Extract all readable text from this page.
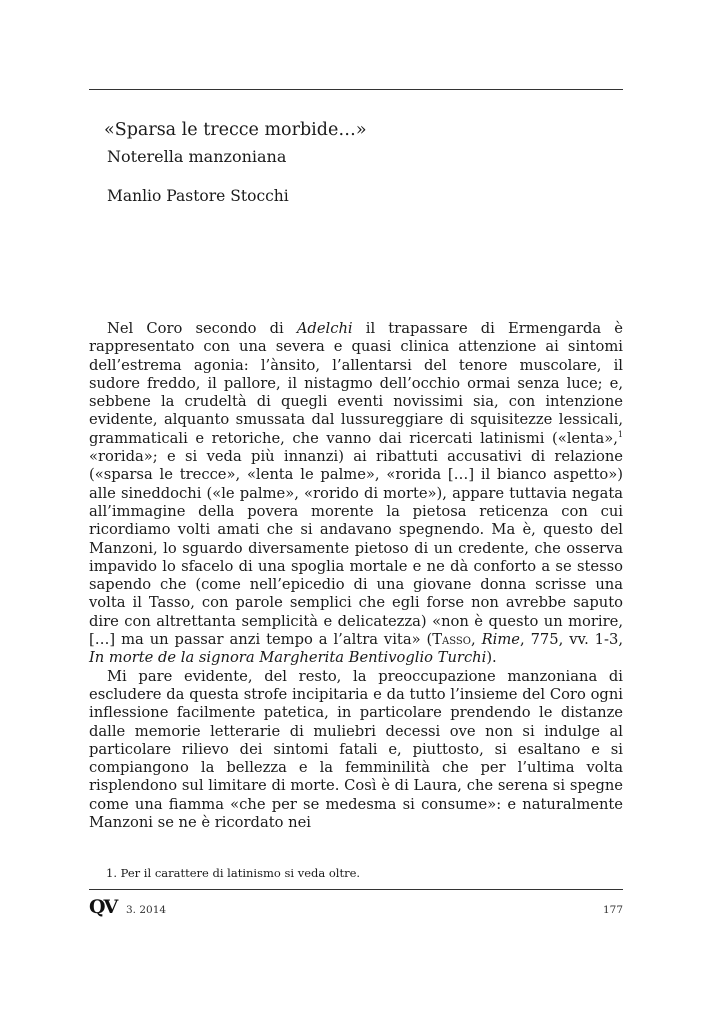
«Sparsa le trecce morbide…»
Noterella manzoniana
Manlio Pastore Stocchi

Nel Coro secondo di Adelchi il trapassare di Ermengarda è rappresentato con una severa e quasi clinica attenzione ai sintomi dell’estrema agonia: l’ànsito, l’allentarsi del tenore muscolare, il sudore freddo, il pallore, il nistagmo dell’occhio ormai senza luce; e, sebbene la crudeltà di quegli eventi novissimi sia, con intenzione evidente, alquanto smussata dal lussureggiare di squisitezze lessicali, grammaticali e retoriche, che vanno dai ricercati latinismi («lenta»,$^1$ «rorida»; e si veda più innanzi) ai ribattuti accusativi di relazione («sparsa le trecce», «lenta le palme», «rorida […] il bianco aspetto») alle sineddochi («le palme», «rorido di morte»), appare tuttavia negata all’immagine della povera morente la pietosa reticenza con cui ricordiamo volti amati che si andavano spegnendo. Ma è, questo del Manzoni, lo sguardo diversamente pietoso di un credente, che osserva impavido lo sfacelo di una spoglia mortale e ne dà conforto a se stesso sapendo che (come nell’epicedio di una giovane donna scrisse una volta il Tasso, con parole semplici che egli forse non avrebbe saputo dire con altrettanta semplicità e delicatezza) «non è questo un morire, […] ma un passar anzi tempo a l’altra vita» (Tasso, Rime, 775, vv. 1-3, In morte de la signora Margherita Bentivoglio Turchi).

Mi pare evidente, del resto, la preoccupazione manzoniana di escludere da questa strofe incipitaria e da tutto l’insieme del Coro ogni inflessione facilmente patetica, in particolare prendendo le distanze dalle memorie letterarie di muliebri decessi ove non si indulge al particolare rilievo dei sintomi fatali e, piuttosto, si esaltano e si compiangono la bellezza e la femminilità che per l’ultima volta risplendono sul limitare di morte. Così è di Laura, che serena si spegne come una fiamma «che per se medesma si consume»: e naturalmente Manzoni se ne è ricordato nei

1. Per il carattere di latinismo si veda oltre.
QV 3. 2014	177
